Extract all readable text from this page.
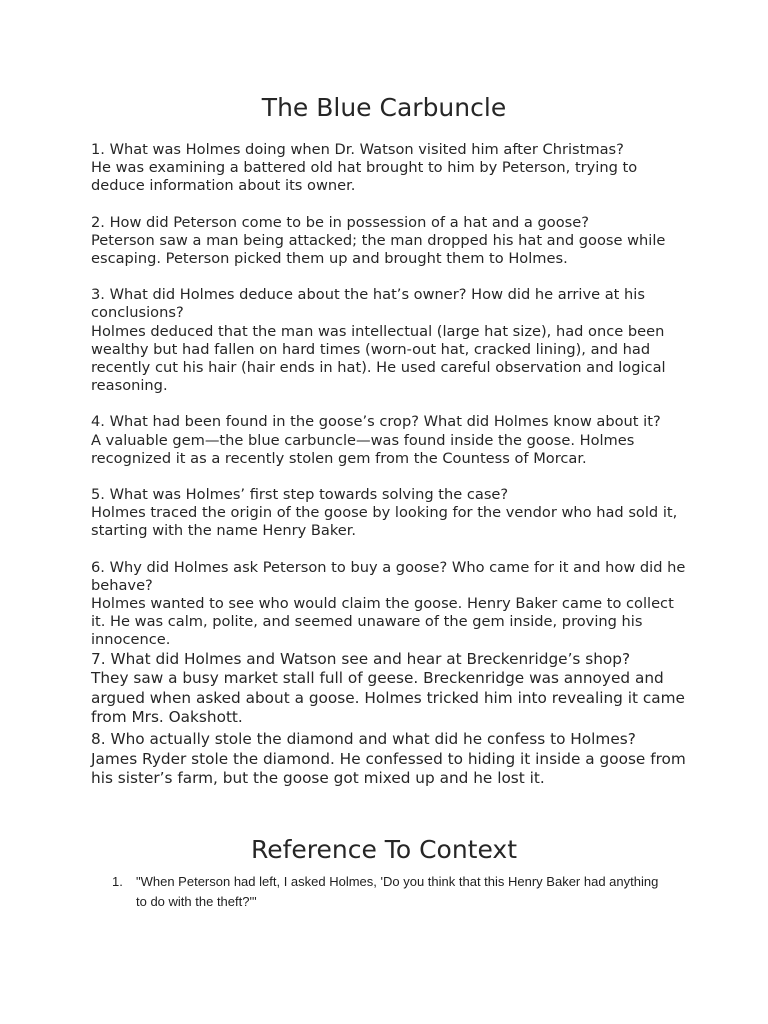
The Blue Carbuncle

1. What was Holmes doing when Dr. Watson visited him after Christmas?

He was examining a battered old hat brought to him by Peterson, trying to deduce information about its owner.

2. How did Peterson come to be in possession of a hat and a goose?

Peterson saw a man being attacked; the man dropped his hat and goose while escaping. Peterson picked them up and brought them to Holmes.

3. What did Holmes deduce about the hat’s owner? How did he arrive at his conclusions?

Holmes deduced that the man was intellectual (large hat size), had once been wealthy but had fallen on hard times (worn-out hat, cracked lining), and had recently cut his hair (hair ends in hat). He used careful observation and logical reasoning.

4. What had been found in the goose’s crop? What did Holmes know about it?

A valuable gem—the blue carbuncle—was found inside the goose. Holmes recognized it as a recently stolen gem from the Countess of Morcar.

5. What was Holmes’ first step towards solving the case?

Holmes traced the origin of the goose by looking for the vendor who had sold it, starting with the name Henry Baker.

6. Why did Holmes ask Peterson to buy a goose? Who came for it and how did he behave?

Holmes wanted to see who would claim the goose. Henry Baker came to collect it. He was calm, polite, and seemed unaware of the gem inside, proving his innocence.

7. What did Holmes and Watson see and hear at Breckenridge’s shop?

They saw a busy market stall full of geese. Breckenridge was annoyed and argued when asked about a goose. Holmes tricked him into revealing it came from Mrs. Oakshott.

8. Who actually stole the diamond and what did he confess to Holmes?

James Ryder stole the diamond. He confessed to hiding it inside a goose from his sister’s farm, but the goose got mixed up and he lost it.

Reference To Context
1.	"When Peterson had left, I asked Holmes, 'Do you think that this Henry Baker had anything to do with the theft?'"
